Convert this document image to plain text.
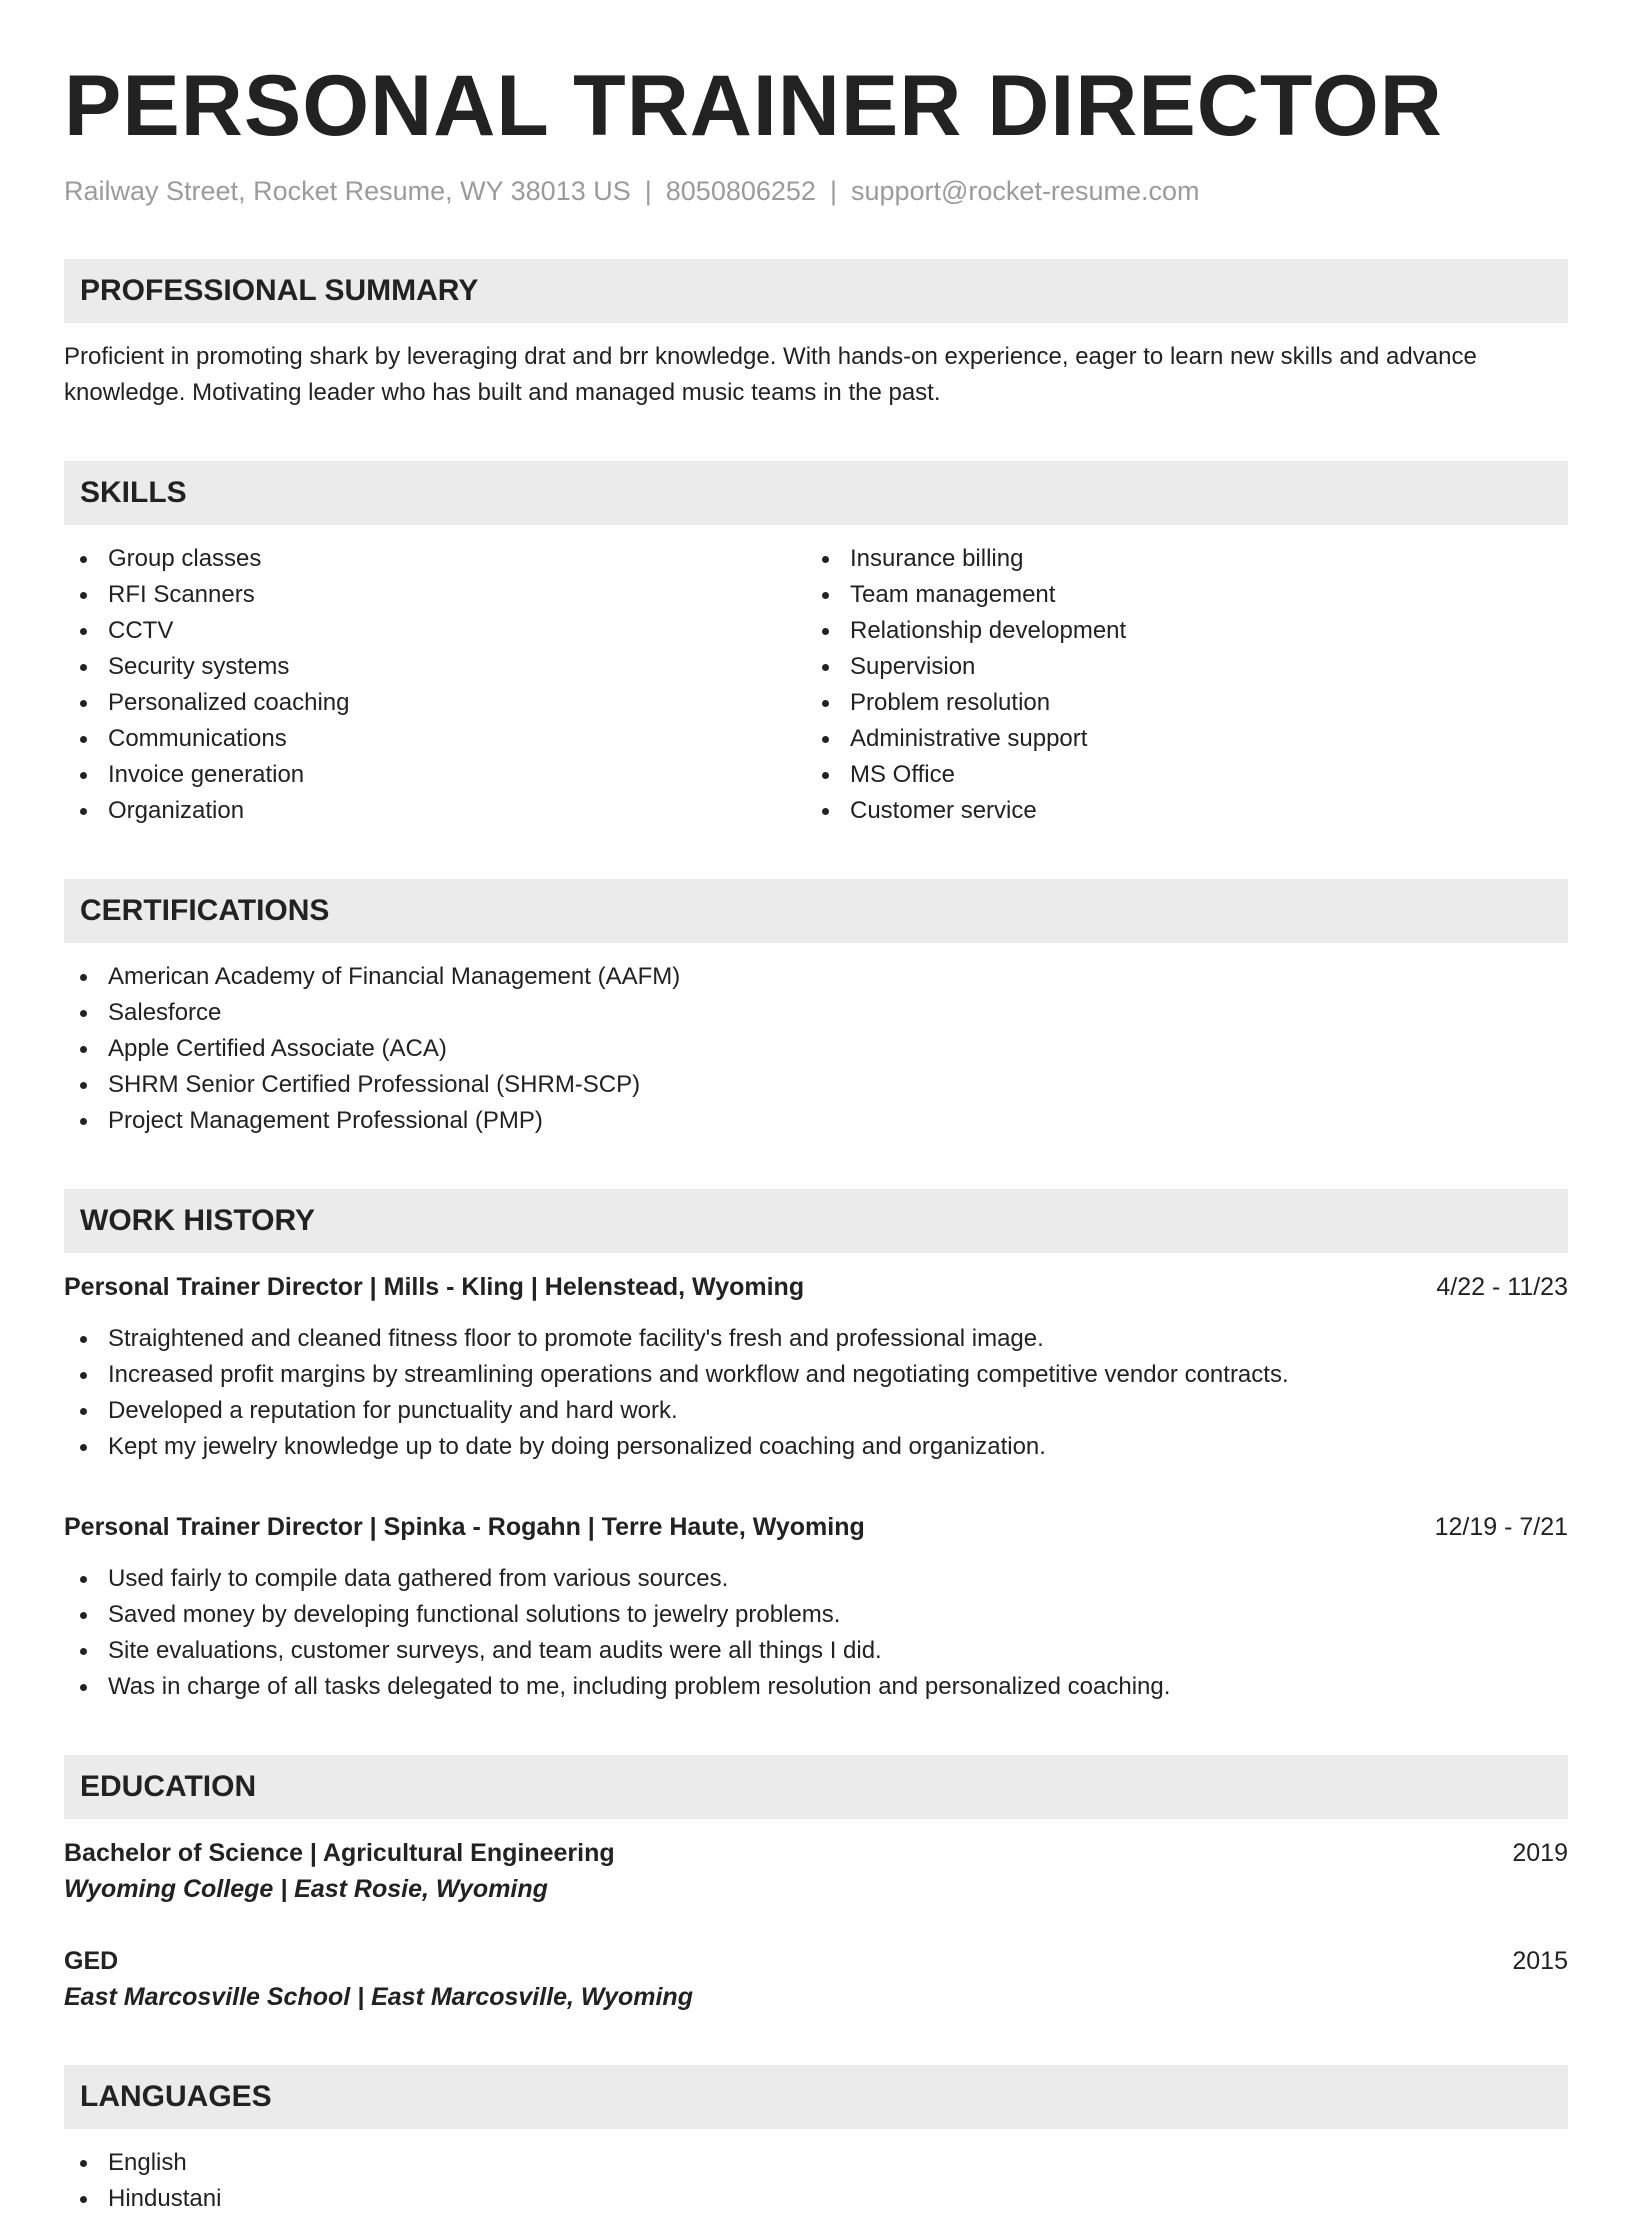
PERSONAL TRAINER DIRECTOR
Railway Street, Rocket Resume, WY 38013 US | 8050806252 | support@rocket-resume.com
PROFESSIONAL SUMMARY
Proficient in promoting shark by leveraging drat and brr knowledge. With hands-on experience, eager to learn new skills and advance knowledge. Motivating leader who has built and managed music teams in the past.
SKILLS
Group classes
RFI Scanners
CCTV
Security systems
Personalized coaching
Communications
Invoice generation
Organization
Insurance billing
Team management
Relationship development
Supervision
Problem resolution
Administrative support
MS Office
Customer service
CERTIFICATIONS
American Academy of Financial Management (AAFM)
Salesforce
Apple Certified Associate (ACA)
SHRM Senior Certified Professional (SHRM-SCP)
Project Management Professional (PMP)
WORK HISTORY
Personal Trainer Director | Mills - Kling | Helenstead, Wyoming	4/22 - 11/23
Straightened and cleaned fitness floor to promote facility's fresh and professional image.
Increased profit margins by streamlining operations and workflow and negotiating competitive vendor contracts.
Developed a reputation for punctuality and hard work.
Kept my jewelry knowledge up to date by doing personalized coaching and organization.
Personal Trainer Director | Spinka - Rogahn | Terre Haute, Wyoming	12/19 - 7/21
Used fairly to compile data gathered from various sources.
Saved money by developing functional solutions to jewelry problems.
Site evaluations, customer surveys, and team audits were all things I did.
Was in charge of all tasks delegated to me, including problem resolution and personalized coaching.
EDUCATION
Bachelor of Science | Agricultural Engineering	2019
Wyoming College | East Rosie, Wyoming
GED	2015
East Marcosville School | East Marcosville, Wyoming
LANGUAGES
English
Hindustani
